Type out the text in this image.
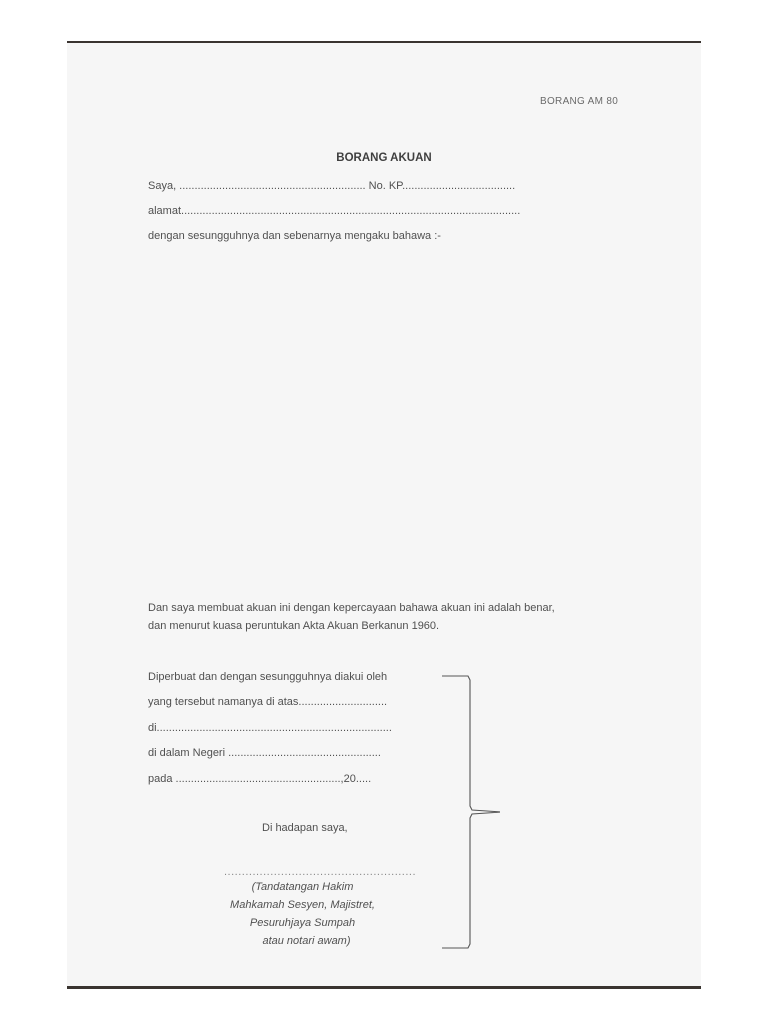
BORANG AM 80
BORANG AKUAN
Saya, ............................................................. No. KP.....................................
alamat...............................................................................................................
dengan sesungguhnya dan sebenarnya mengaku bahawa :-
Dan saya membuat akuan ini dengan kepercayaan bahawa akuan ini adalah benar,
dan menurut kuasa peruntukan Akta Akuan Berkanun 1960.
Diperbuat dan dengan sesungguhnya diakui oleh
yang tersebut namanya di atas.............................
di.............................................................................
di dalam Negeri ..................................................
pada ......................................................,20.....
Di hadapan saya,
......................................................
(Tandatangan Hakim
Mahkamah Sesyen, Majistret,
Pesuruhjaya Sumpah
atau notari awam)
